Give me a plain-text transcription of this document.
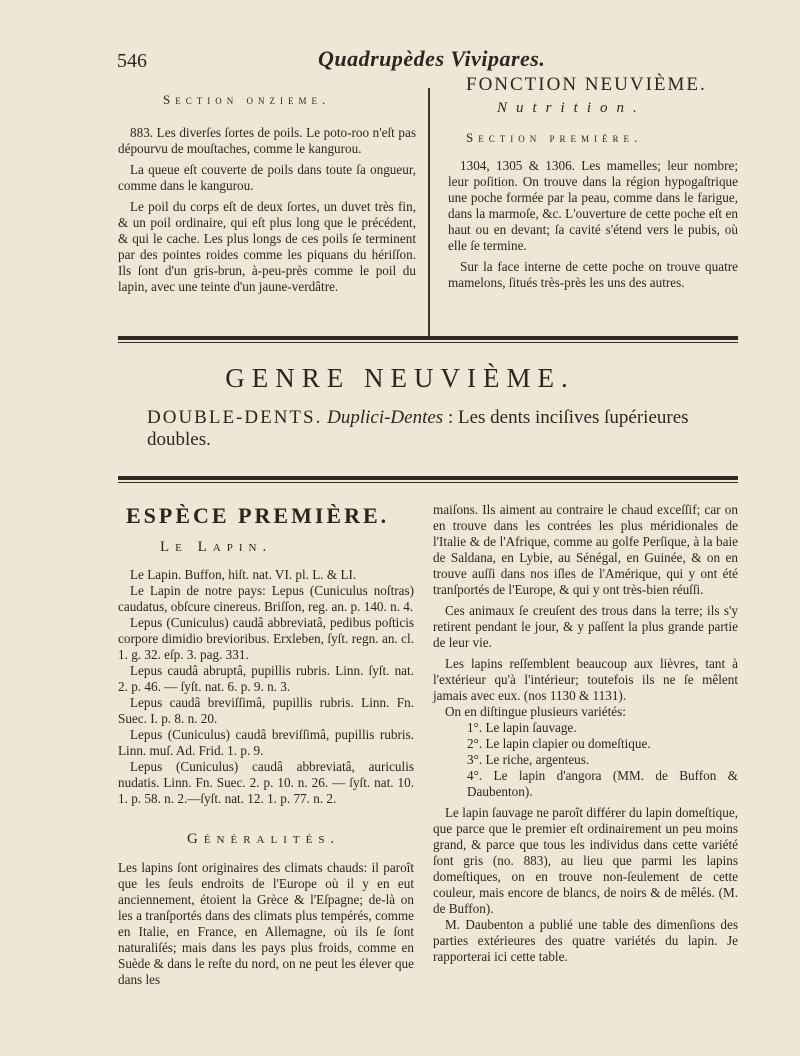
546	Quadrupèdes Vivipares.
Section onzieme.

883. Les diverſes ſortes de poils. Le poto-roo n'eſt pas dépourvu de mouſtaches, comme le kangurou.

La queue eſt couverte de poils dans toute ſa ongueur, comme dans le kangurou.

Le poil du corps eſt de deux ſortes, un duvet très fin, & un poil ordinaire, qui eſt plus long que le précédent, & qui le cache. Les plus longs de ces poils ſe terminent par des pointes roides comme les piquans du hériſſon. Ils ſont d'un gris-brun, à-peu-près comme le poil du lapin, avec une teinte d'un jaune-verdâtre.

FONCTION NEUVIÈME.
Nutrition.
Section première.

1304, 1305 & 1306. Les mamelles; leur nombre; leur poſition. On trouve dans la région hypogaſtrique une poche formée par la peau, comme dans le farigue, dans la marmoſe, &c. L'ouverture de cette poche eſt en haut ou en devant; ſa cavité s'étend vers le pubis, où elle ſe termine.

Sur la face interne de cette poche on trouve quatre mamelons, ſitués très-près les uns des autres.

GENRE NEUVIÈME.
DOUBLE-DENTS. Duplici-Dentes : Les dents inciſives ſupérieures doubles.
ESPÈCE PREMIÈRE.
Le Lapin.

Le Lapin. Buffon, hiſt. nat. VI. pl. L. & LI.

Le Lapin de notre pays: Lepus (Cuniculus noſtras) caudatus, obſcure cinereus. Briſſon, reg. an. p. 140. n. 4.

Lepus (Cuniculus) caudâ abbreviatâ, pedibus poſticis corpore dimidio brevioribus. Erxleben, ſyſt. regn. an. cl. 1. g. 32. eſp. 3. pag. 331.

Lepus caudâ abruptâ, pupillis rubris. Linn. ſyſt. nat. 2. p. 46. — ſyſt. nat. 6. p. 9. n. 3.

Lepus caudâ breviſſimâ, pupillis rubris. Linn. Fn. Suec. I. p. 8. n. 20.

Lepus (Cuniculus) caudâ breviſſimâ, pupillis rubris. Linn. muſ. Ad. Frid. 1. p. 9.

Lepus (Cuniculus) caudâ abbreviatâ, auriculis nudatis. Linn. Fn. Suec. 2. p. 10. n. 26. — ſyſt. nat. 10. 1. p. 58. n. 2.—ſyſt. nat. 12. 1. p. 77. n. 2.

Généralités.

Les lapins ſont originaires des climats chauds: il paroît que les ſeuls endroits de l'Europe où il y en eut anciennement, étoient la Grèce & l'Eſpagne; de-là on les a tranſportés dans des climats plus tempérés, comme en Italie, en France, en Allemagne, où ils ſe ſont naturaliſés; mais dans les pays plus froids, comme en Suède & dans le reſte du nord, on ne peut les élever que dans les

maiſons. Ils aiment au contraire le chaud exceſſif; car on en trouve dans les contrées les plus méridionales de l'Italie & de l'Afrique, comme au golfe Perſique, à la baie de Saldana, en Lybie, au Sénégal, en Guinée, & on en trouve auſſi dans nos iſles de l'Amérique, qui y ont été tranſportés de l'Europe, & qui y ont très-bien réuſſi.

Ces animaux ſe creuſent des trous dans la terre; ils s'y retirent pendant le jour, & y paſſent la plus grande partie de leur vie.

Les lapins reſſemblent beaucoup aux lièvres, tant à l'extérieur qu'à l'intérieur; toutefois ils ne ſe mêlent jamais avec eux. (nos 1130 & 1131).

On en diſtingue plusieurs variétés:

1°. Le lapin ſauvage.

2°. Le lapin clapier ou domeſtique.

3°. Le riche, argenteus.

4°. Le lapin d'angora (MM. de Buffon & Daubenton).

Le lapin ſauvage ne paroît différer du lapin domeſtique, que parce que le premier eſt ordinairement un peu moins grand, & parce que tous les individus dans cette variété ſont gris (no. 883), au lieu que parmi les lapins domeſtiques, on en trouve non-ſeulement de cette couleur, mais encore de blancs, de noirs & de mêlés. (M. de Buffon).

M. Daubenton a publié une table des dimenſions des parties extérieures des quatre variétés du lapin. Je rapporterai ici cette table.
